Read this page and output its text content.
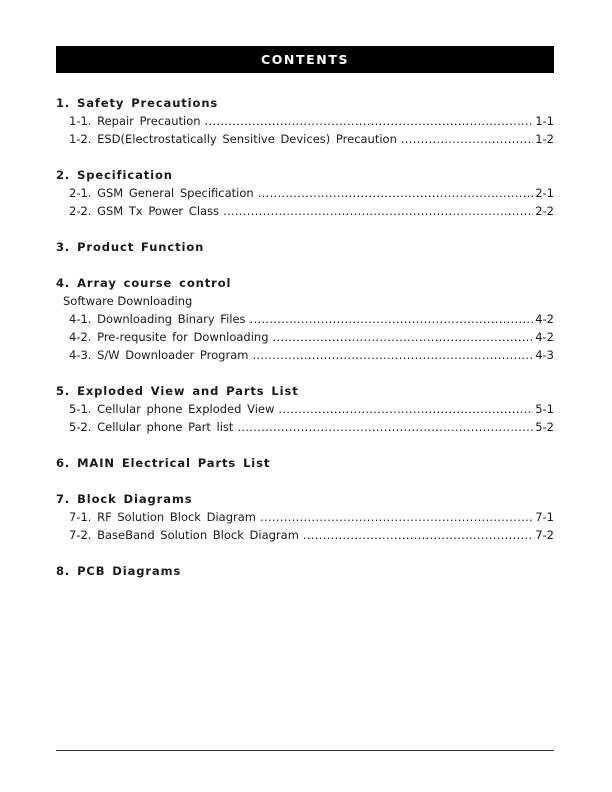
CONTENTS
1. Safety Precautions
1-1. Repair Precaution .....	1-1
1-2. ESD(Electrostatically Sensitive Devices) Precaution .....	1-2
2. Specification
2-1. GSM General Specification .....	2-1
2-2. GSM Tx Power Class .....	2-2
3. Product Function
4. Array course control
Software Downloading
4-1. Downloading Binary Files .....	4-2
4-2. Pre-requsite for Downloading .....	4-2
4-3. S/W Downloader Program .....	4-3
5. Exploded View and Parts List
5-1. Cellular phone Exploded View .....	5-1
5-2. Cellular phone Part list .....	5-2
6. MAIN Electrical Parts List
7. Block Diagrams
7-1. RF Solution Block Diagram .....	7-1
7-2. BaseBand Solution Block Diagram .....	7-2
8. PCB Diagrams
